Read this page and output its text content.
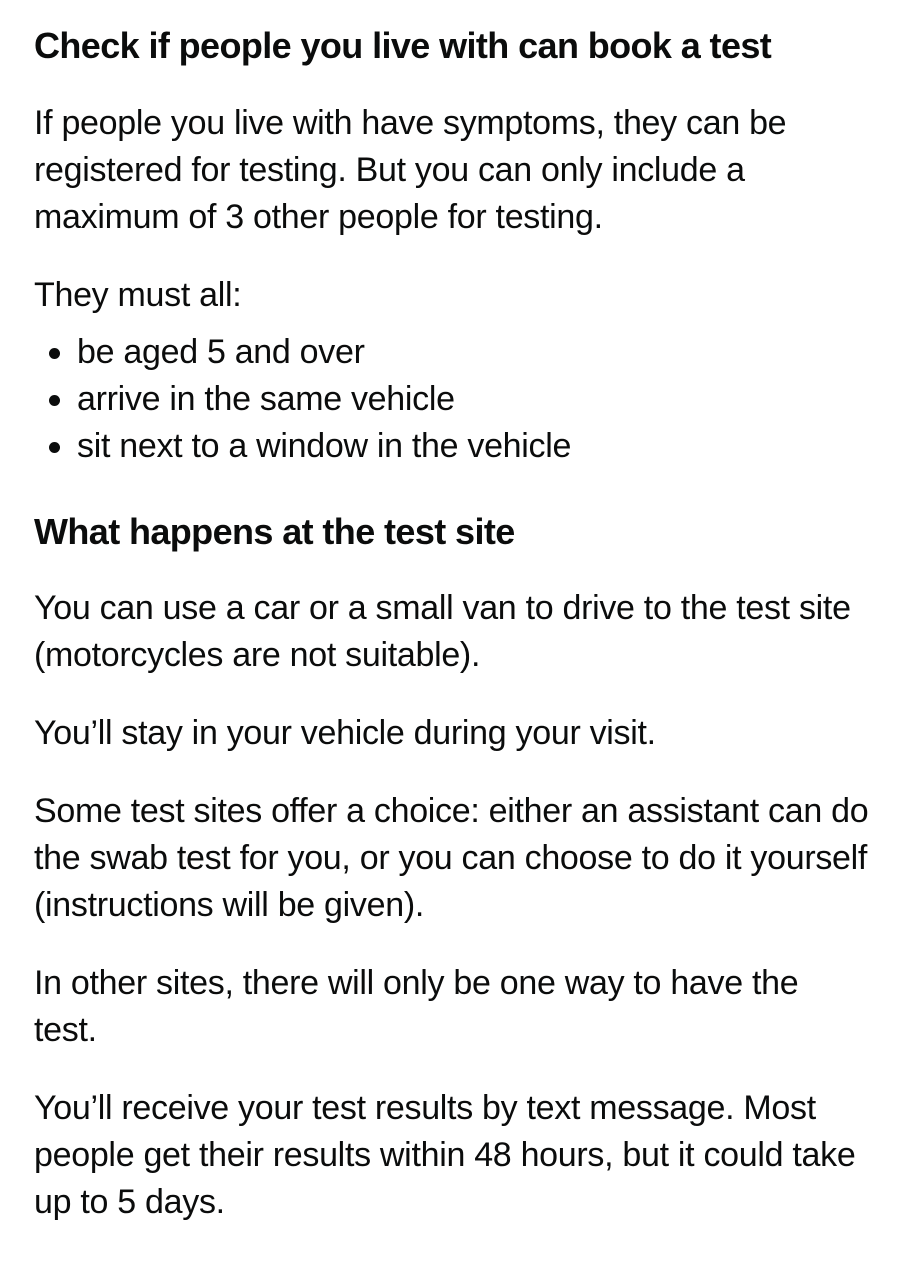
Check if people you live with can book a test

If people you live with have symptoms, they can be registered for testing. But you can only include a maximum of 3 other people for testing.

They must all:

be aged 5 and over
arrive in the same vehicle
sit next to a window in the vehicle
What happens at the test site

You can use a car or a small van to drive to the test site (motorcycles are not suitable).

You’ll stay in your vehicle during your visit.

Some test sites offer a choice: either an assistant can do the swab test for you, or you can choose to do it yourself (instructions will be given).

In other sites, there will only be one way to have the test.

You’ll receive your test results by text message. Most people get their results within 48 hours, but it could take up to 5 days.
